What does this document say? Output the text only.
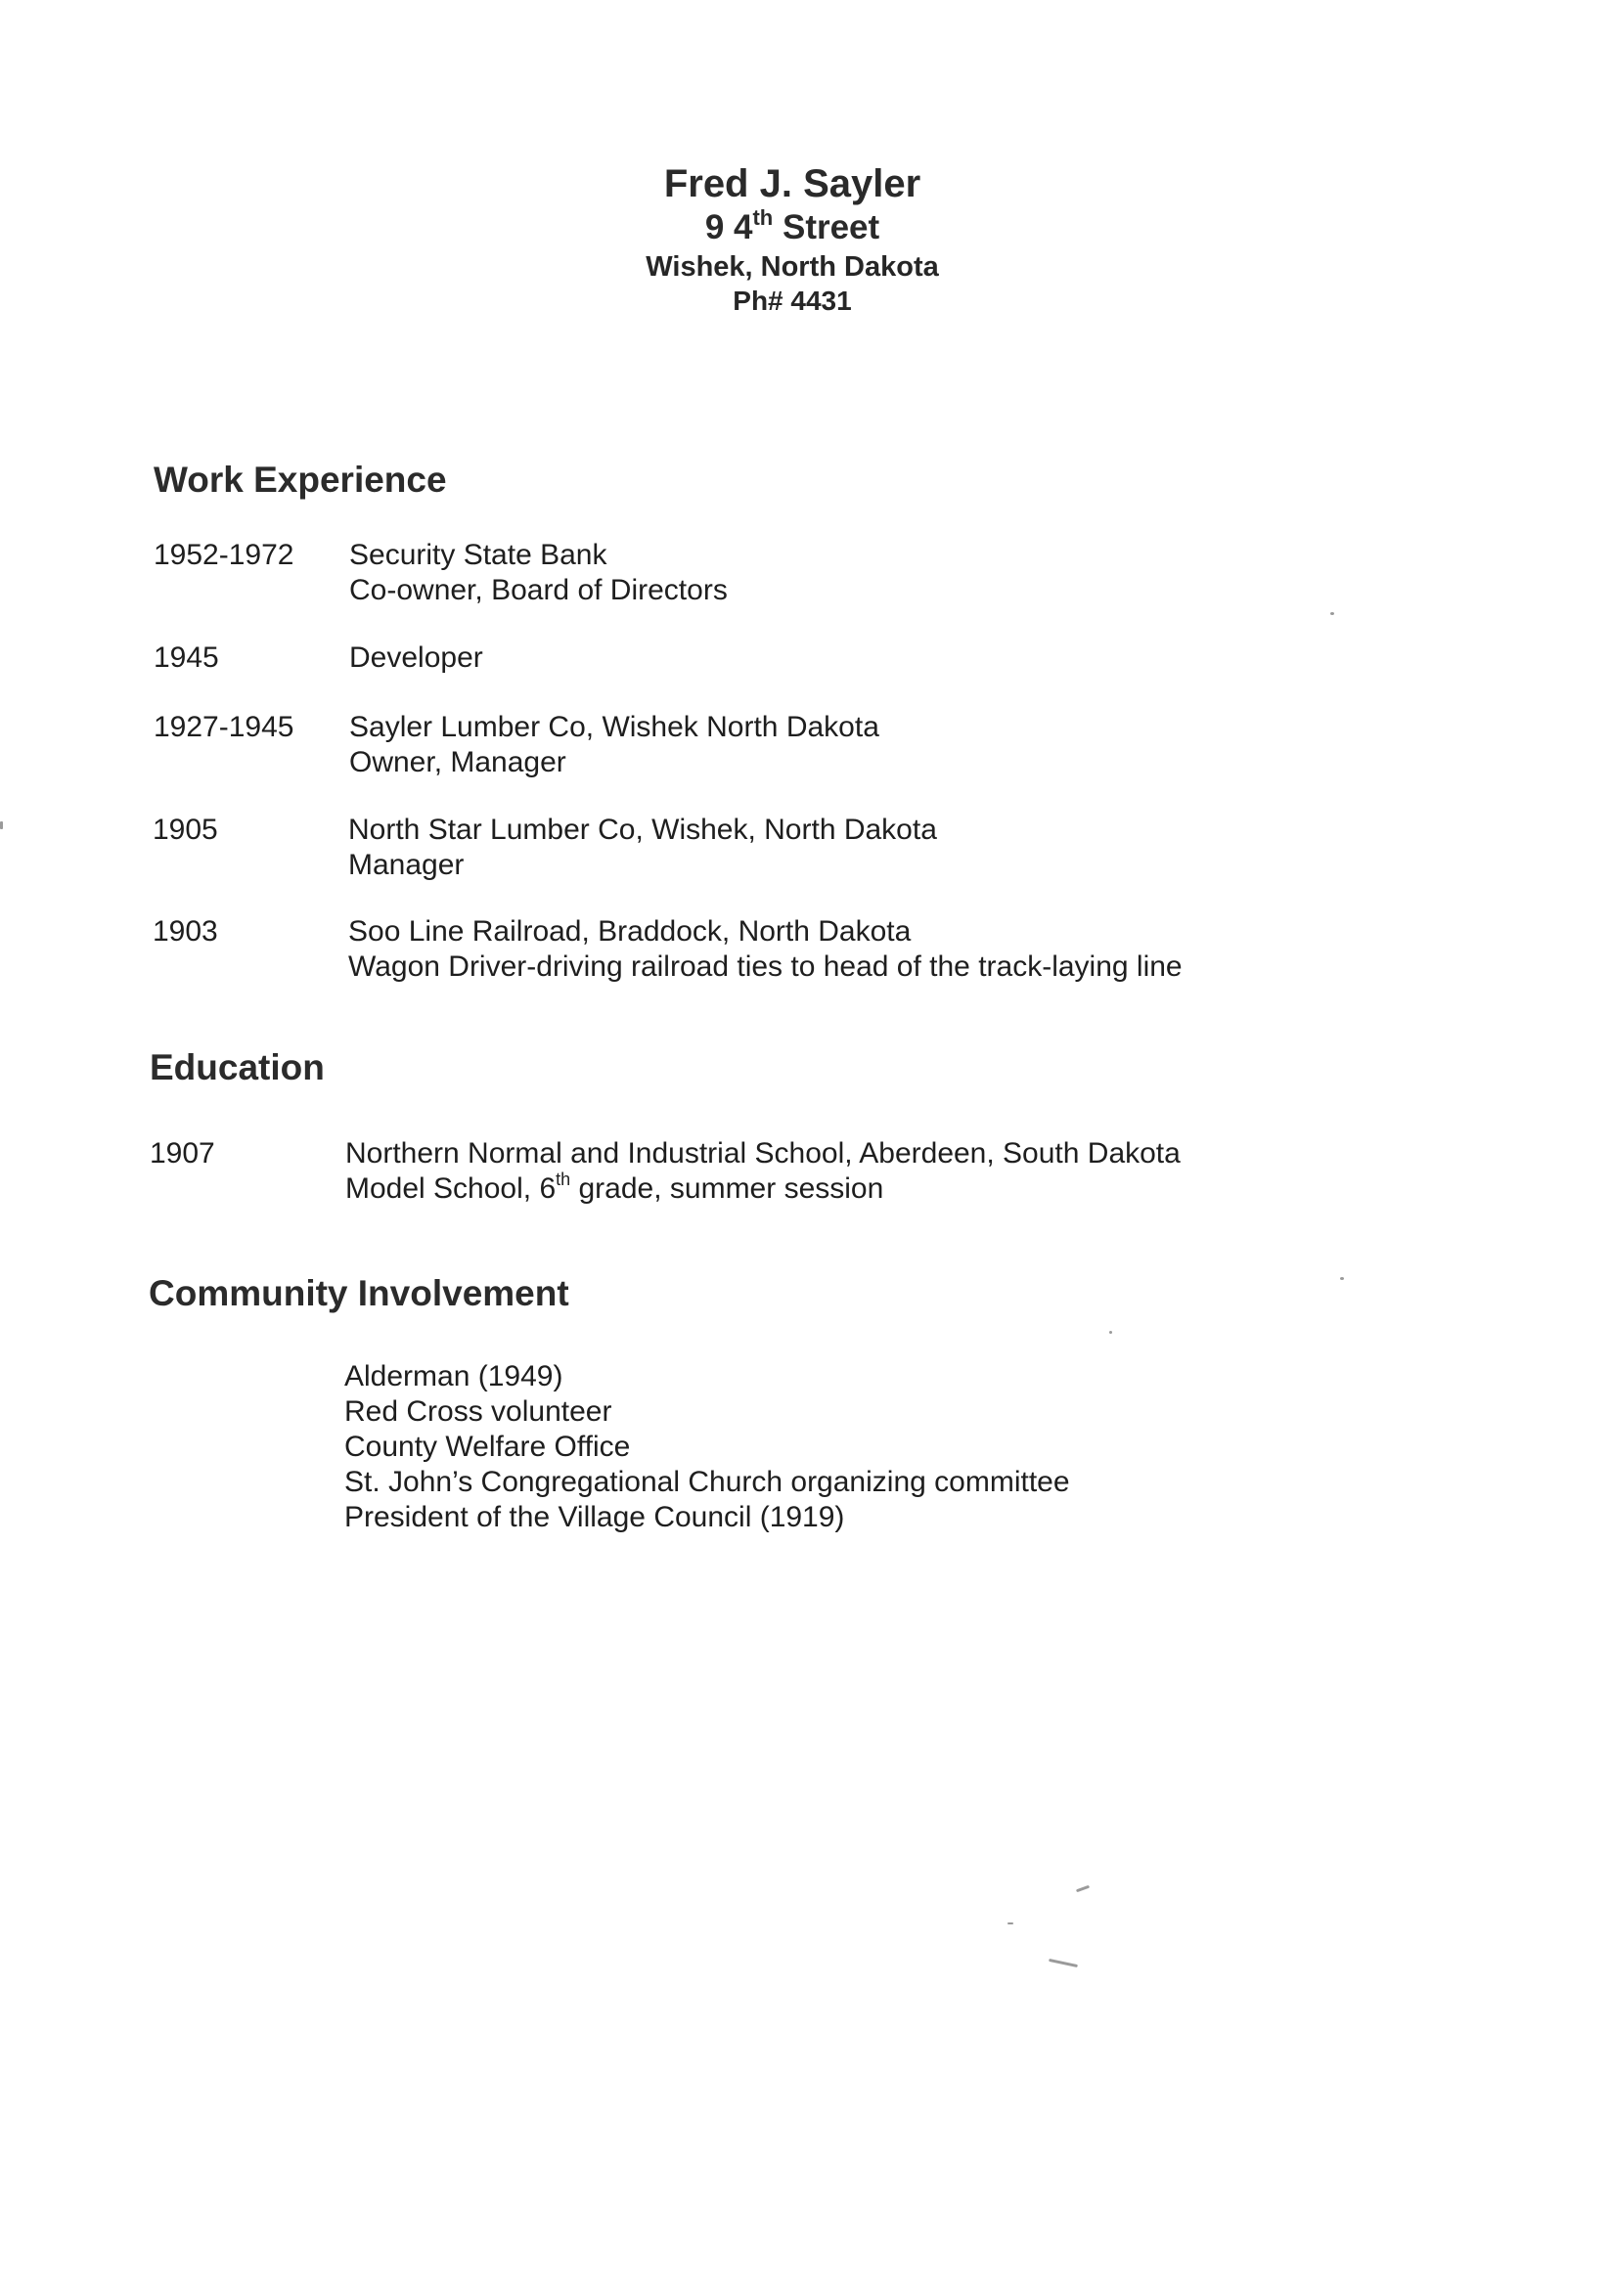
Fred J. Sayler
9 4th Street
Wishek, North Dakota
Ph# 4431
Work Experience
1952-1972 Security State Bank
Co-owner, Board of Directors
1945	Developer
1927-1945 Sayler Lumber Co, Wishek North Dakota
Owner, Manager
1905	North Star Lumber Co, Wishek, North Dakota
Manager
1903	Soo Line Railroad, Braddock, North Dakota
Wagon Driver-driving railroad ties to head of the track-laying line
Education
1907	Northern Normal and Industrial School, Aberdeen, South Dakota
Model School, 6th grade, summer session
Community Involvement
Alderman (1949)
Red Cross volunteer
County Welfare Office
St. John’s Congregational Church organizing committee
President of the Village Council (1919)
